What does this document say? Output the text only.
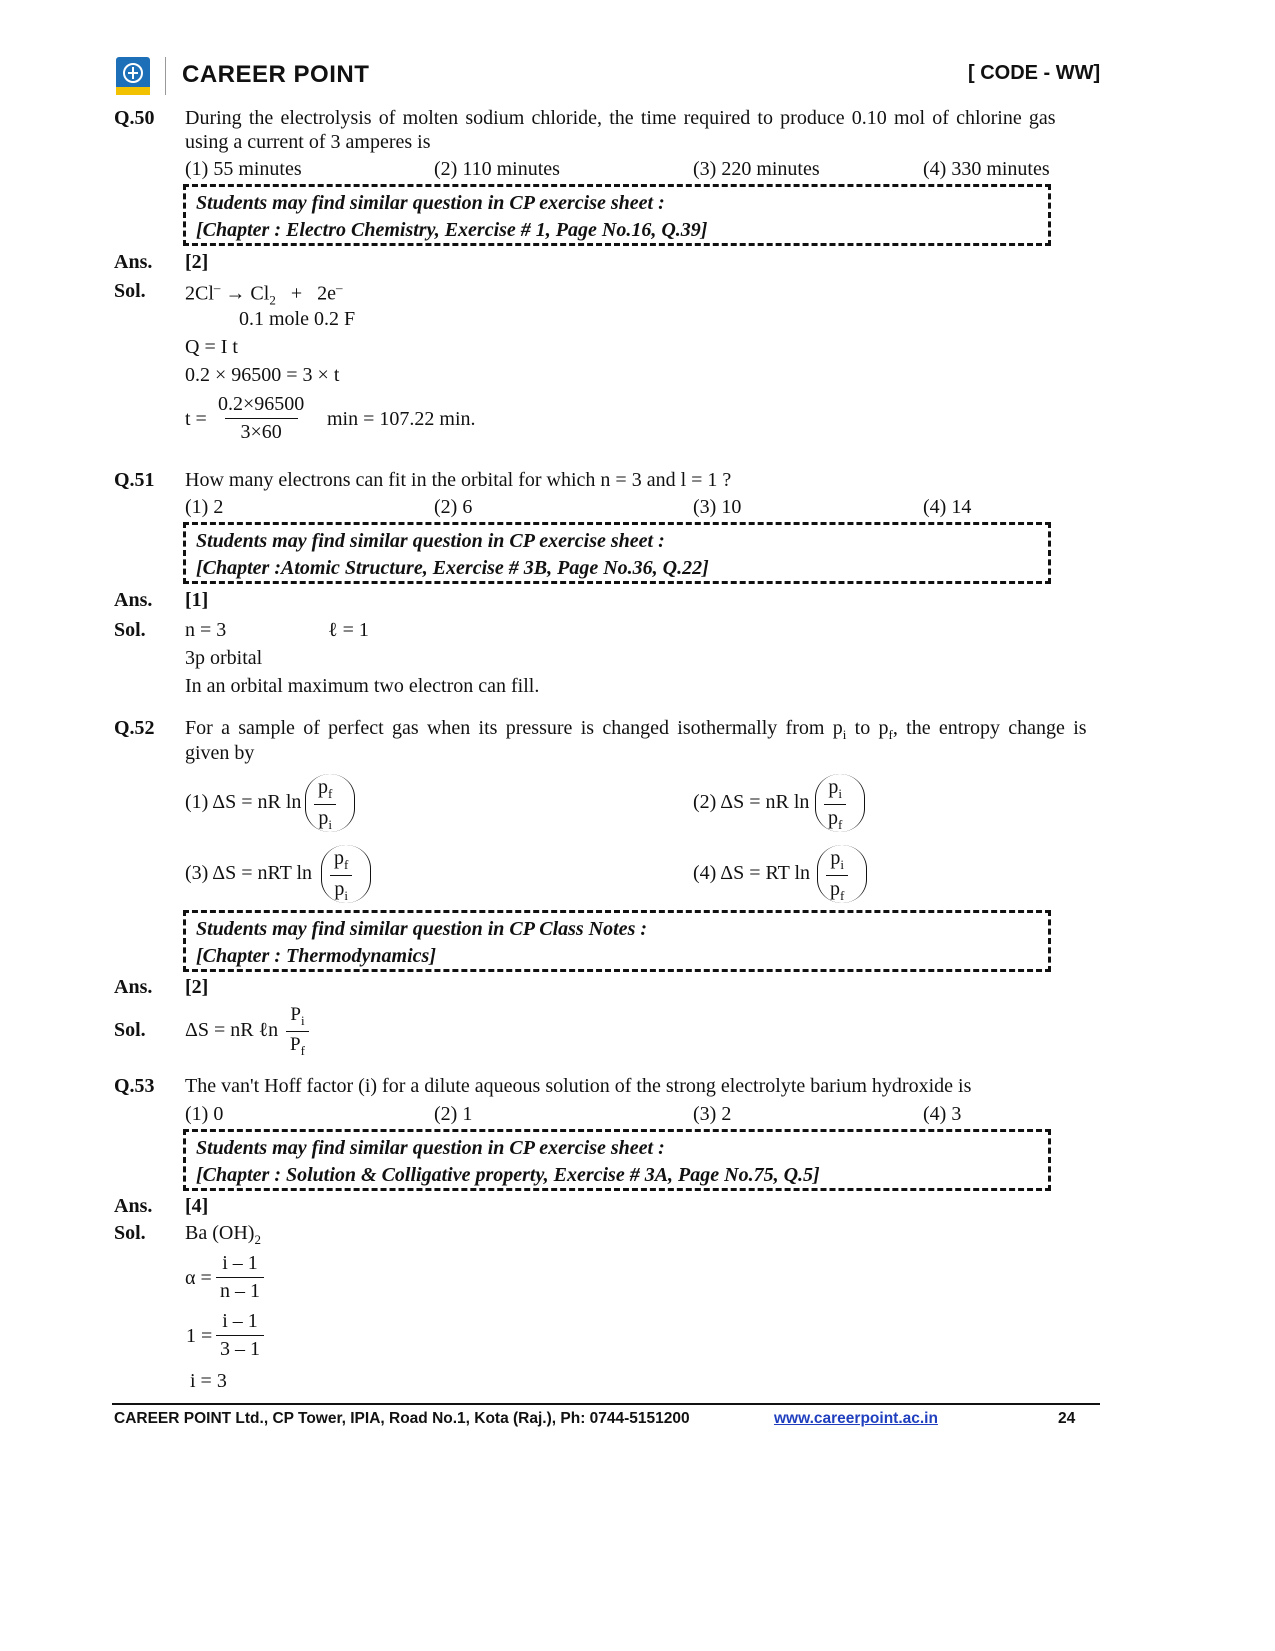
CAREER POINT	[ CODE - WW]
Q.50 During the electrolysis of molten sodium chloride, the time required to produce 0.10 mol of chlorine gas
using a current of 3 amperes is
(1) 55 minutes	(2) 110 minutes	(3) 220 minutes	(4) 330 minutes
Students may find similar question in CP exercise sheet :
[Chapter : Electro Chemistry, Exercise # 1, Page No.16, Q.39]
Ans. [2]
Sol. $2Cl^- \to Cl_2 + 2e^-$
0.1 mole 0.2 F
Q = I t
0.2 × 96500 = 3 × t
$t = \frac{0.2\times 96500}{3\times 60}$ min = 107.22 min.
Q.51 How many electrons can fit in the orbital for which n = 3 and l = 1 ?
(1) 2	(2) 6	(3) 10	(4) 14
Students may find similar question in CP exercise sheet :
[Chapter :Atomic Structure, Exercise # 3B, Page No.36, Q.22]
Ans. [1]
Sol. n = 3	ℓ = 1
3p orbital
In an orbital maximum two electron can fill.
Q.52 For a sample of perfect gas when its pressure is changed isothermally from $p_i$ to $p_f$, the entropy change is
given by
(1) ΔS = nR $\ln \frac{p_f}{p_i}$	(2) ΔS = nR $\ln \frac{p_i}{p_f}$
(3) ΔS = nRT $\ln \frac{p_f}{p_i}$	(4) ΔS = RT $\ln \frac{p_i}{p_f}$
Students may find similar question in CP Class Notes :
[Chapter : Thermodynamics]
Ans. [2]
Sol. ΔS = nR ℓn $\frac{P_i}{P_f}$
Q.53 The van't Hoff factor (i) for a dilute aqueous solution of the strong electrolyte barium hydroxide is
(1) 0	(2) 1	(3) 2	(4) 3
Students may find similar question in CP exercise sheet :
[Chapter : Solution & Colligative property, Exercise # 3A, Page No.75, Q.5]
Ans. [4]
Sol. Ba $(OH)_2$
$\alpha = \frac{i - 1}{n - 1}$
$1 = \frac{i - 1}{3 - 1}$
i = 3
CAREER POINT Ltd., CP Tower, IPIA, Road No.1, Kota (Raj.), Ph: 0744-5151200	www.careerpoint.ac.in	24
